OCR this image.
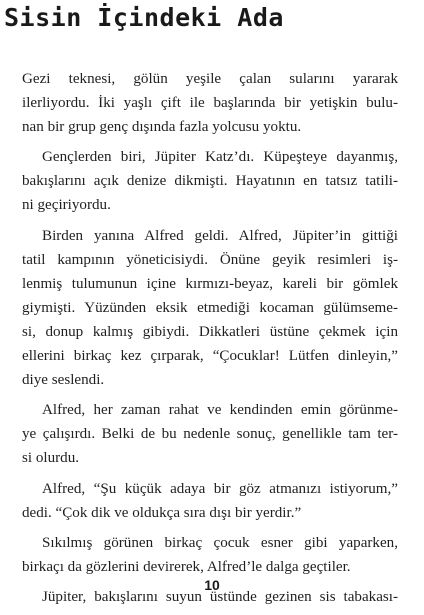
Sisin İçindeki Ada
Gezi teknesi, gölün yeşile çalan sularını yararak
ilerliyordu. İki yaşlı çift ile başlarında bir yetişkin bulu-
nan bir grup genç dışında fazla yolcusu yoktu.
Gençlerden biri, Jüpiter Katz’dı. Küpeşteye dayanmış,
bakışlarını açık denize dikmişti. Hayatının en tatsız tatili-
ni geçiriyordu.
Birden yanına Alfred geldi. Alfred, Jüpiter’in gittiği
tatil kampının yöneticisiydi. Önüne geyik resimleri iş-
lenmiş tulumunun içine kırmızı-beyaz, kareli bir gömlek
giymişti. Yüzünden eksik etmediği kocaman gülümseme-
si, donup kalmış gibiydi. Dikkatleri üstüne çekmek için
ellerini birkaç kez çırparak, “Çocuklar! Lütfen dinleyin,”
diye seslendi.
Alfred, her zaman rahat ve kendinden emin görünme-
ye çalışırdı. Belki de bu nedenle sonuç, genellikle tam ter-
si olurdu.
Alfred, “Şu küçük adaya bir göz atmanızı istiyorum,”
dedi. “Çok dik ve oldukça sıra dışı bir yerdir.”
Sıkılmış görünen birkaç çocuk esner gibi yaparken,
birkaçı da gözlerini devirerek, Alfred’le dalga geçtiler.
Jüpiter, bakışlarını suyun üstünde gezinen sis tabakası-
10
